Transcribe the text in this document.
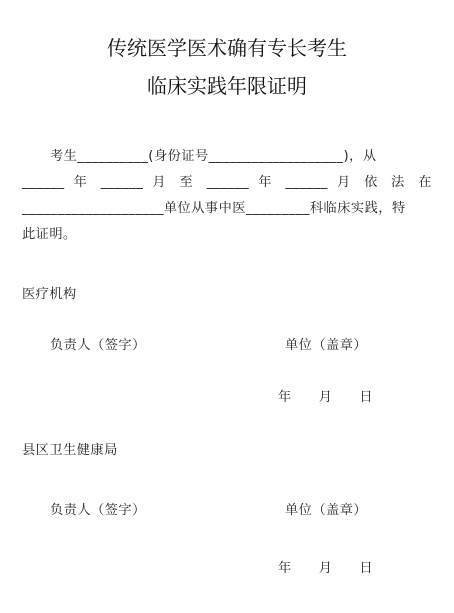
传统医学医术确有专长考生
临床实践年限证明
考生__________(身份证号___________________)，从
______ 年 ______ 月 至 ______ 年 ______ 月 依 法 在
____________________单位从事中医_________科临床实践，特
此证明。
医疗机构
负责人（签字）	单位（盖章）
年 月 日
县区卫生健康局
负责人（签字）	单位（盖章）
年 月 日
